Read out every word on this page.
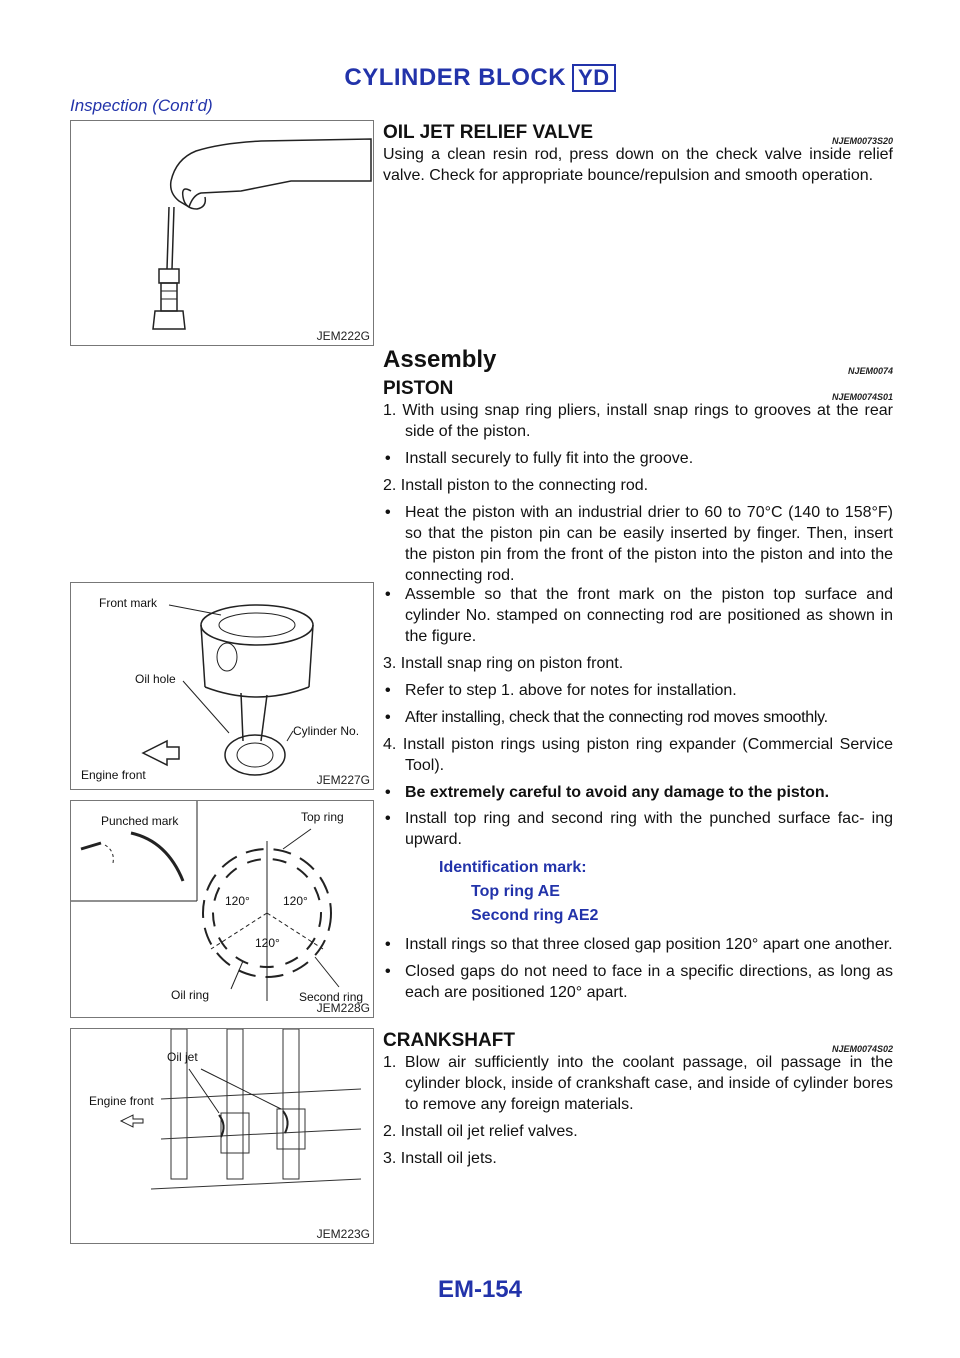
CYLINDER BLOCK YD
Inspection (Cont’d)
JEM222G
Front mark
Oil hole
Cylinder No.
Engine front	JEM227G
Punched mark	Top ring
120°	120°
120°
Oil ring	Second ring
JEM228G
Oil jet
Engine front
JEM223G
OIL JET RELIEF VALVE	NJEM0073S20

Using a clean resin rod, press down on the check valve inside relief valve. Check for appropriate bounce/repulsion and smooth operation.

Assembly	NJEM0074
PISTON	NJEM0074S01

1. With using snap ring pliers, install snap rings to grooves at the rear side of the piston.

• Install securely to fully fit into the groove.

2. Install piston to the connecting rod.

• Heat the piston with an industrial drier to 60 to 70°C (140 to 158°F) so that the piston pin can be easily inserted by finger. Then, insert the piston pin from the front of the piston into the piston and into the connecting rod.

• Assemble so that the front mark on the piston top surface and cylinder No. stamped on connecting rod are positioned as shown in the figure.

3. Install snap ring on piston front.

• Refer to step 1. above for notes for installation.

• After installing, check that the connecting rod moves smoothly.

4. Install piston rings using piston ring expander (Commercial Service Tool).

• Be extremely careful to avoid any damage to the piston.

• Install top ring and second ring with the punched surface fac- ing upward.

Identification mark:
Top ring AE
Second ring AE2

• Install rings so that three closed gap position 120° apart one another.

• Closed gaps do not need to face in a specific directions, as long as each are positioned 120° apart.

CRANKSHAFT	NJEM0074S02

1. Blow air sufficiently into the coolant passage, oil passage in the cylinder block, inside of crankshaft case, and inside of cylinder bores to remove any foreign materials.

2. Install oil jet relief valves.

3. Install oil jets.

EM-154
